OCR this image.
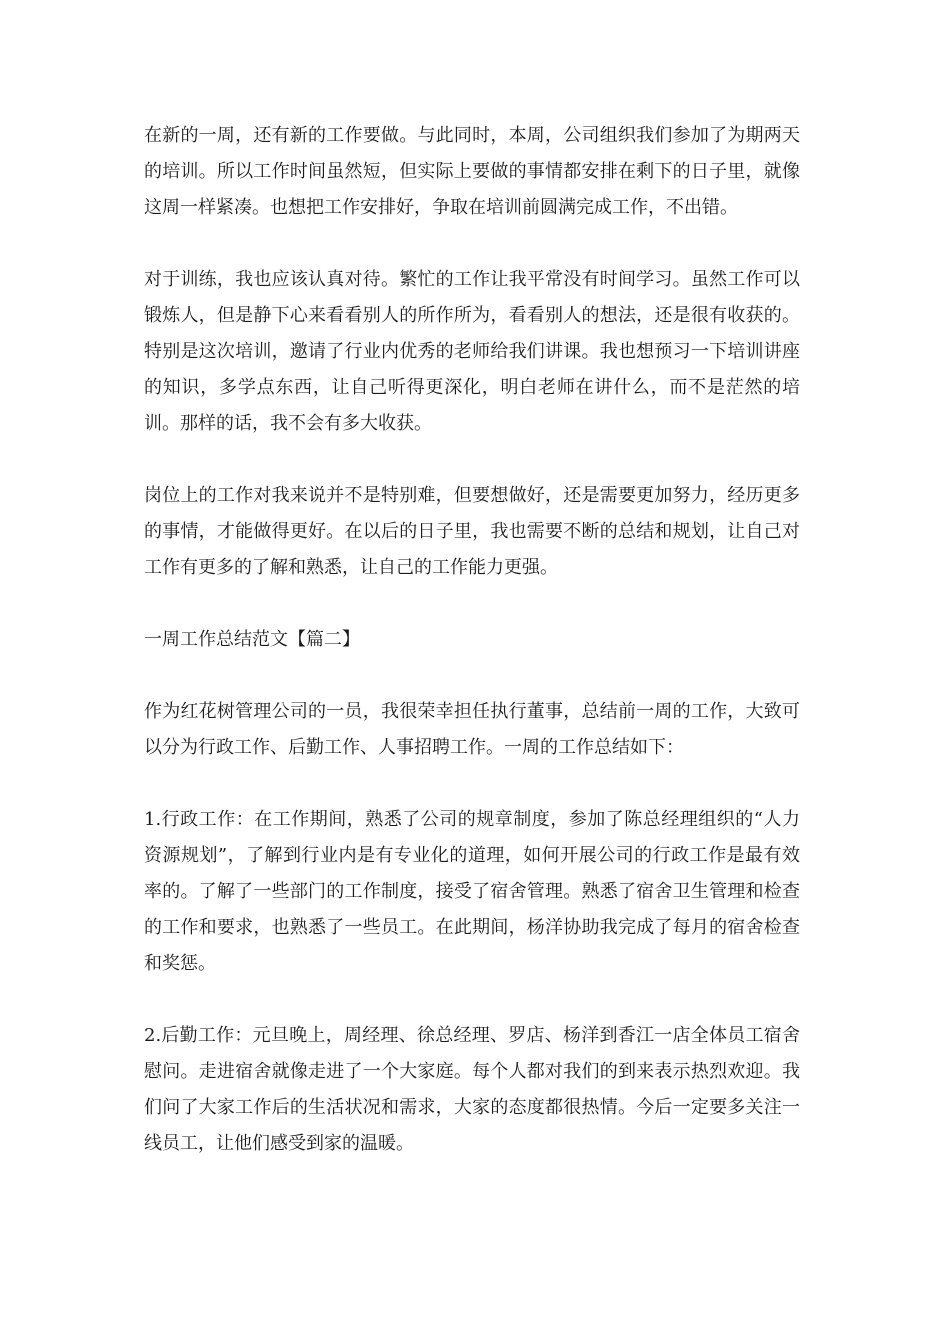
在新的一周，还有新的工作要做。与此同时，本周，公司组织我们参加了为期两天的培训。所以工作时间虽然短，但实际上要做的事情都安排在剩下的日子里，就像这周一样紧凑。也想把工作安排好，争取在培训前圆满完成工作，不出错。

对于训练，我也应该认真对待。繁忙的工作让我平常没有时间学习。虽然工作可以锻炼人，但是静下心来看看别人的所作所为，看看别人的想法，还是很有收获的。特别是这次培训，邀请了行业内优秀的老师给我们讲课。我也想预习一下培训讲座的知识，多学点东西，让自己听得更深化，明白老师在讲什么，而不是茫然的培训。那样的话，我不会有多大收获。

岗位上的工作对我来说并不是特别难，但要想做好，还是需要更加努力，经历更多的事情，才能做得更好。在以后的日子里，我也需要不断的总结和规划，让自己对工作有更多的了解和熟悉，让自己的工作能力更强。

一周工作总结范文【篇二】

作为红花树管理公司的一员，我很荣幸担任执行董事，总结前一周的工作，大致可以分为行政工作、后勤工作、人事招聘工作。一周的工作总结如下：

1.行政工作：在工作期间，熟悉了公司的规章制度，参加了陈总经理组织的“人力资源规划”，了解到行业内是有专业化的道理，如何开展公司的行政工作是最有效率的。了解了一些部门的工作制度，接受了宿舍管理。熟悉了宿舍卫生管理和检查的工作和要求，也熟悉了一些员工。在此期间，杨洋协助我完成了每月的宿舍检查和奖惩。

2.后勤工作：元旦晚上，周经理、徐总经理、罗店、杨洋到香江一店全体员工宿舍慰问。走进宿舍就像走进了一个大家庭。每个人都对我们的到来表示热烈欢迎。我们问了大家工作后的生活状况和需求，大家的态度都很热情。今后一定要多关注一线员工，让他们感受到家的温暖。
